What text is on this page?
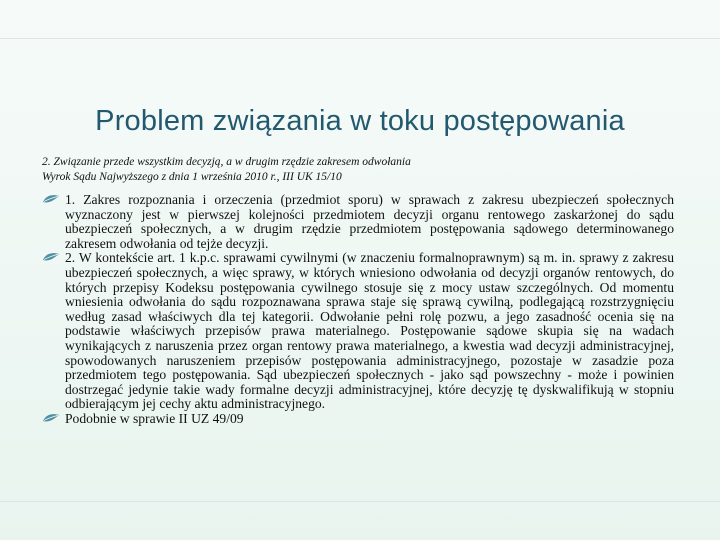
Problem związania w toku postępowania
2. Związanie przede wszystkim decyzją, a w drugim rzędzie zakresem odwołania
Wyrok Sądu Najwyższego z dnia 1 września 2010 r., III UK 15/10
1. Zakres rozpoznania i orzeczenia (przedmiot sporu) w sprawach z zakresu ubezpieczeń społecznych wyznaczony jest w pierwszej kolejności przedmiotem decyzji organu rentowego zaskarżonej do sądu ubezpieczeń społecznych, a w drugim rzędzie przedmiotem postępowania sądowego determinowanego zakresem odwołania od tejże decyzji.
2. W kontekście art. 1 k.p.c. sprawami cywilnymi (w znaczeniu formalnoprawnym) są m. in. sprawy z zakresu ubezpieczeń społecznych, a więc sprawy, w których wniesiono odwołania od decyzji organów rentowych, do których przepisy Kodeksu postępowania cywilnego stosuje się z mocy ustaw szczególnych. Od momentu wniesienia odwołania do sądu rozpoznawana sprawa staje się sprawą cywilną, podlegającą rozstrzygnięciu według zasad właściwych dla tej kategorii. Odwołanie pełni rolę pozwu, a jego zasadność ocenia się na podstawie właściwych przepisów prawa materialnego. Postępowanie sądowe skupia się na wadach wynikających z naruszenia przez organ rentowy prawa materialnego, a kwestia wad decyzji administracyjnej, spowodowanych naruszeniem przepisów postępowania administracyjnego, pozostaje w zasadzie poza przedmiotem tego postępowania. Sąd ubezpieczeń społecznych - jako sąd powszechny - może i powinien dostrzegać jedynie takie wady formalne decyzji administracyjnej, które decyzję tę dyskwalifikują w stopniu odbierającym jej cechy aktu administracyjnego.
Podobnie w sprawie II UZ 49/09
